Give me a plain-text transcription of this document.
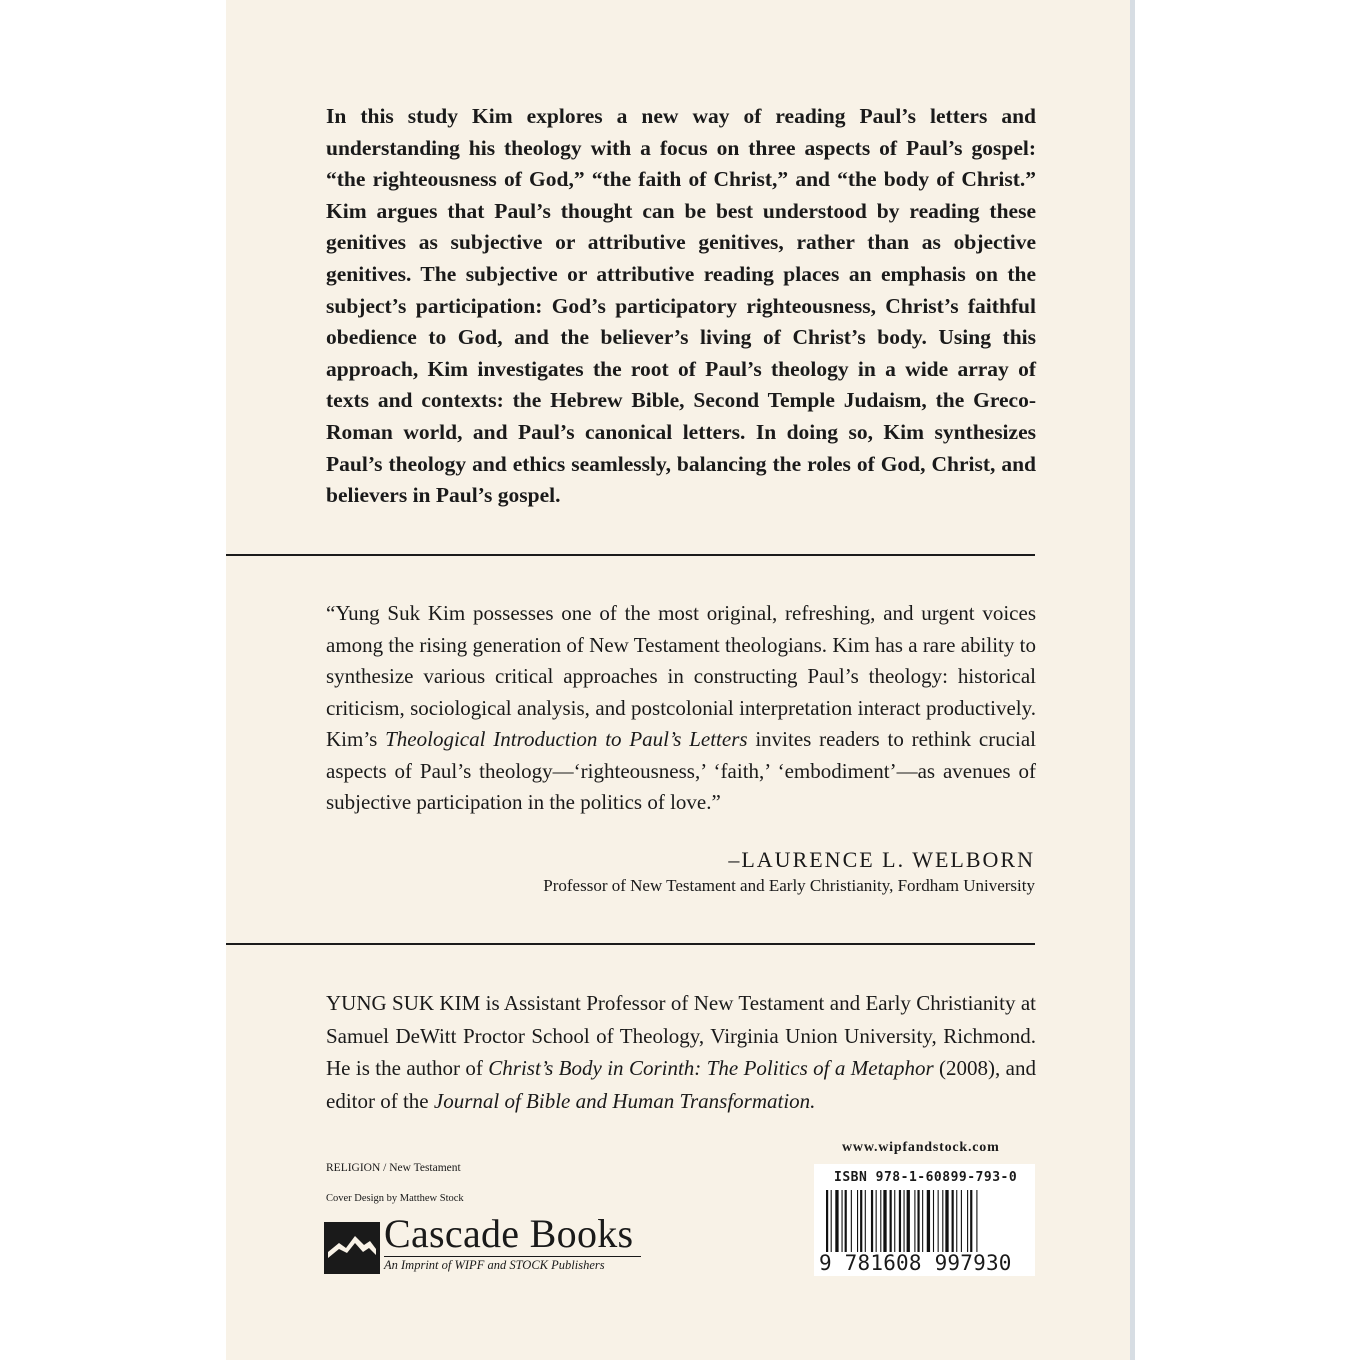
In this study Kim explores a new way of reading Paul’s letters and understanding his theology with a focus on three aspects of Paul’s gospel: “the righteousness of God,” “the faith of Christ,” and “the body of Christ.” Kim argues that Paul’s thought can be best understood by reading these genitives as subjective or attributive genitives, rather than as objective genitives. The subjective or attributive reading places an emphasis on the subject’s participation: God’s participatory righteousness, Christ’s faithful obedience to God, and the believer’s living of Christ’s body. Using this approach, Kim investigates the root of Paul’s theology in a wide array of texts and contexts: the Hebrew Bible, Second Temple Judaism, the Greco-Roman world, and Paul’s canonical letters. In doing so, Kim synthesizes Paul’s theology and ethics seamlessly, balancing the roles of God, Christ, and believers in Paul’s gospel.

“Yung Suk Kim possesses one of the most original, refreshing, and urgent voices among the rising generation of New Testament theologians. Kim has a rare ability to synthesize various critical approaches in constructing Paul’s theology: historical criticism, sociological analysis, and postcolonial interpretation interact productively. Kim’s Theological Introduction to Paul’s Letters invites readers to rethink crucial aspects of Paul’s theology—‘righteousness,’ ‘faith,’ ‘embodiment’—as avenues of subjective participation in the politics of love.”

–LAURENCE L. WELBORN
Professor of New Testament and Early Christianity, Fordham University

YUNG SUK KIM is Assistant Professor of New Testament and Early Christianity at Samuel DeWitt Proctor School of Theology, Virginia Union University, Richmond. He is the author of Christ’s Body in Corinth: The Politics of a Metaphor (2008), and editor of the Journal of Bible and Human Transformation.

RELIGION / New Testament
Cover Design by Matthew Stock
Cascade Books
An Imprint of WIPF and STOCK Publishers
www.wipfandstock.com
ISBN 978-1-60899-793-0
9 781608 997930
